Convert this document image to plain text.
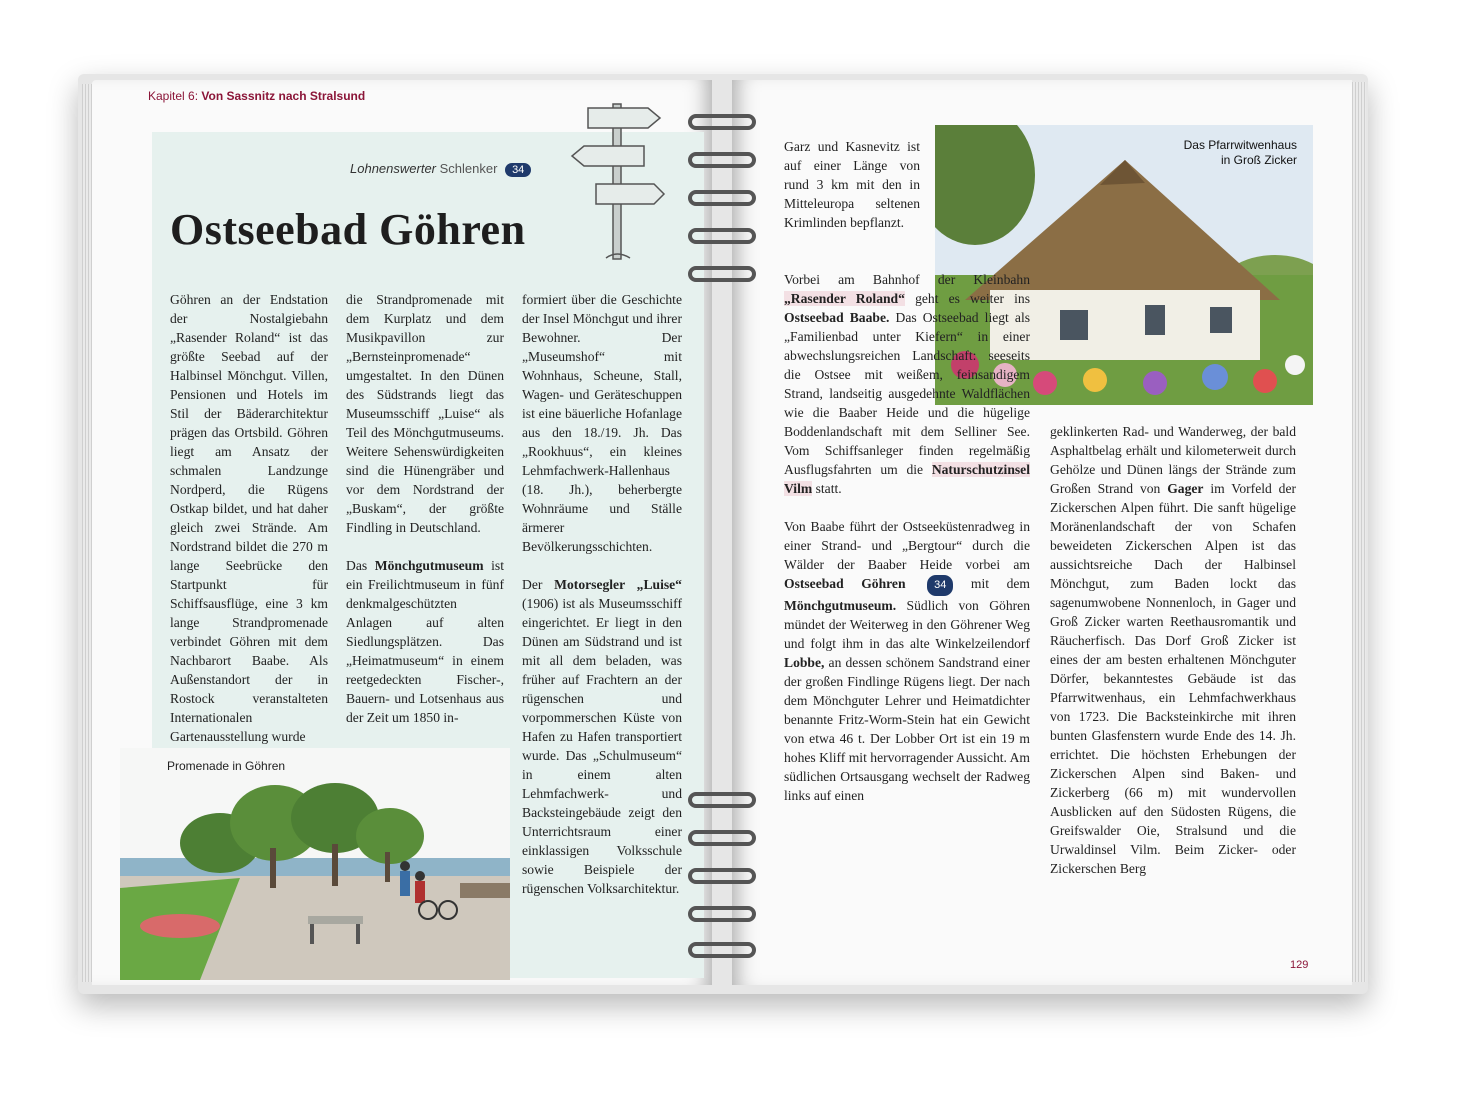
Kapitel 6: Von Sassnitz nach Stralsund
Lohnenswerter Schlenker 34
Ostseebad Göhren

Göhren an der Endstation der Nostalgiebahn „Rasender Roland“ ist das größte Seebad auf der Halbinsel Mönchgut. Villen, Pensionen und Hotels im Stil der Bäderarchitektur prägen das Ortsbild. Göhren liegt am Ansatz der schmalen Landzunge Nordperd, die Rügens Ostkap bildet, und hat daher gleich zwei Strände. Am Nordstrand bildet die 270 m lange Seebrücke den Startpunkt für Schiffsausflüge, eine 3 km lange Strandpromenade verbindet Göhren mit dem Nachbarort Baabe. Als Außenstandort der in Rostock veranstalteten Internationalen Gartenausstellung wurde

die Strandpromenade mit dem Kurplatz und dem Musikpavillon zur „Bernsteinpromenade“ umgestaltet. In den Dünen des Südstrands liegt das Museumsschiff „Luise“ als Teil des Mönchgutmuseums. Weitere Sehenswürdigkeiten sind die Hünengräber und vor dem Nordstrand der „Buskam“, der größte Findling in Deutschland.

Das Mönchgutmuseum ist ein Freilichtmuseum in fünf denkmalgeschützten Anlagen auf alten Siedlungsplätzen. Das „Heimatmuseum“ in einem reetgedeckten Fischer-, Bauern- und Lotsenhaus aus der Zeit um 1850 in-

formiert über die Geschichte der Insel Mönchgut und ihrer Bewohner. Der „Museumshof“ mit Wohnhaus, Scheune, Stall, Wagen- und Geräteschuppen ist eine bäuerliche Hofanlage aus den 18./19. Jh. Das „Rookhuus“, ein kleines Lehmfachwerk-Hallenhaus (18. Jh.), beherbergte Wohnräume und Ställe ärmerer Bevölkerungsschichten.

Der Motorsegler „Luise“ (1906) ist als Museumsschiff eingerichtet. Er liegt in den Dünen am Südstrand und ist mit all dem beladen, was früher auf Frachtern an der rügenschen und vorpommerschen Küste von Hafen zu Hafen transportiert wurde. Das „Schulmuseum“ in einem alten Lehmfachwerk- und Backsteingebäude zeigt den Unterrichtsraum einer einklassigen Volksschule sowie Beispiele der rügenschen Volksarchitektur.

Promenade in Göhren
Das Pfarrwitwenhaus
in Groß Zicker

Garz und Kasnevitz ist auf einer Länge von rund 3 km mit den in Mitteleuropa seltenen Krimlinden bepflanzt.

Vorbei am Bahnhof der Kleinbahn „Rasender Roland“ geht es weiter ins Ostseebad Baabe. Das Ostseebad liegt als „Familienbad unter Kiefern“ in einer abwechslungsreichen Landschaft: seeseits die Ostsee mit weißem, feinsandigem Strand, landseitig ausgedehnte Waldflächen wie die Baaber Heide und die hügelige Boddenlandschaft mit dem Selliner See. Vom Schiffsanleger finden regelmäßig Ausflugsfahrten um die Naturschutzinsel Vilm statt.

Von Baabe führt der Ostseeküstenradweg in einer Strand- und „Bergtour“ durch die Wälder der Baaber Heide vorbei am Ostseebad Göhren	34 mit dem Mönchgutmuseum. Südlich von Göhren mündet der Weiterweg in den Göhrener Weg und folgt ihm in das alte Winkelzeilendorf Lobbe, an dessen schönem Sandstrand einer der großen Findlinge Rügens liegt. Der nach dem Mönchguter Lehrer und Heimatdichter benannte Fritz-Worm-Stein hat ein Gewicht von etwa 46 t. Der Lobber Ort ist ein 19 m hohes Kliff mit hervorragender Aussicht. Am südlichen Ortsausgang wechselt der Radweg links auf einen

geklinkerten Rad- und Wanderweg, der bald Asphaltbelag erhält und kilometerweit durch Gehölze und Dünen längs der Strände zum Großen Strand von Gager im Vorfeld der Zickerschen Alpen führt. Die sanft hügelige Moränenlandschaft der von Schafen beweideten Zickerschen Alpen ist das aussichtsreiche Dach der Halbinsel Mönchgut, zum Baden lockt das sagenumwobene Nonnenloch, in Gager und Groß Zicker warten Reethausromantik und Räucherfisch. Das Dorf Groß Zicker ist eines der am besten erhaltenen Mönchguter Dörfer, bekanntestes Gebäude ist das Pfarrwitwenhaus, ein Lehmfachwerkhaus von 1723. Die Backsteinkirche mit ihren bunten Glasfenstern wurde Ende des 14. Jh. errichtet. Die höchsten Erhebungen der Zickerschen Alpen sind Baken- und Zickerberg (66 m) mit wundervollen Ausblicken auf den Südosten Rügens, die Greifswalder Oie, Stralsund und die Urwaldinsel Vilm. Beim Zicker- oder Zickerschen Berg

129
